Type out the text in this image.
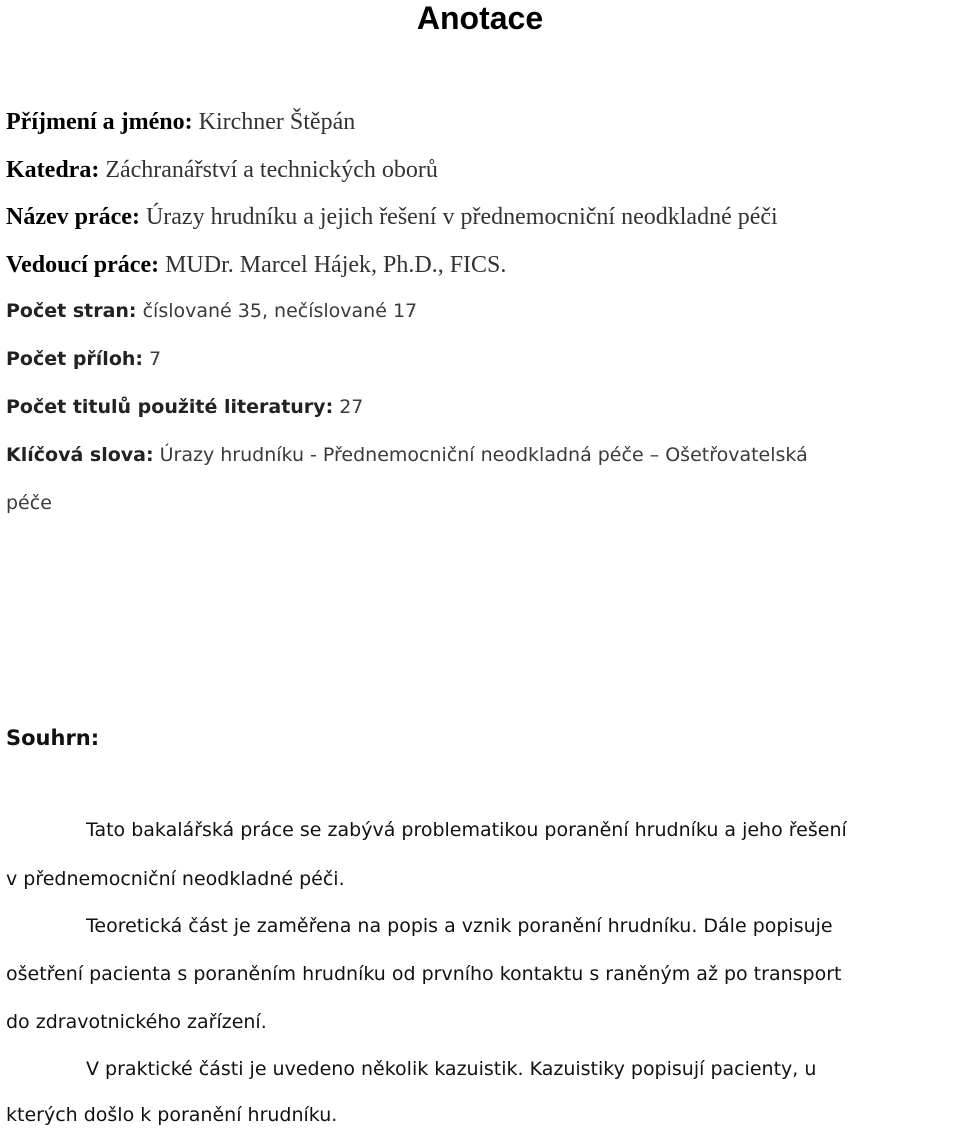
Anotace
Příjmení a jméno: Kirchner Štěpán
Katedra: Záchranářství a technických oborů
Název práce: Úrazy hrudníku a jejich řešení v přednemocniční neodkladné péči
Vedoucí práce: MUDr. Marcel Hájek, Ph.D., FICS.
Počet stran: číslované 35, nečíslované 17
Počet příloh: 7
Počet titulů použité literatury: 27
Klíčová slova: Úrazy hrudníku - Přednemocniční neodkladná péče – Ošetřovatelská
péče
Souhrn:
Tato bakalářská práce se zabývá problematikou poranění hrudníku a jeho řešení
v přednemocniční neodkladné péči.
Teoretická část je zaměřena na popis a vznik poranění hrudníku. Dále popisuje
ošetření pacienta s poraněním hrudníku od prvního kontaktu s raněným až po transport
do zdravotnického zařízení.
V praktické části je uvedeno několik kazuistik. Kazuistiky popisují pacienty, u
kterých došlo k poranění hrudníku.
